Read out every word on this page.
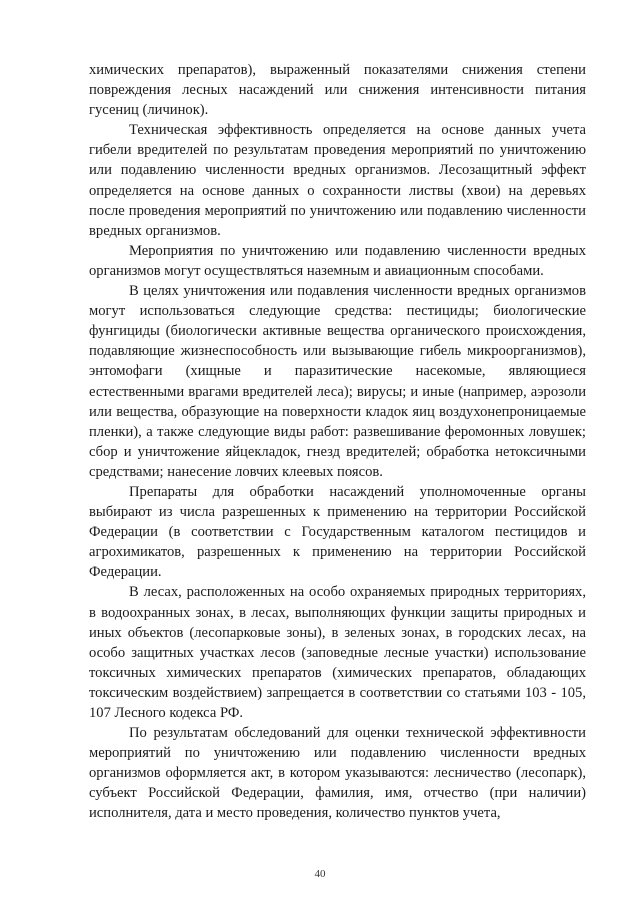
химических препаратов), выраженный показателями снижения степени повреждения лесных насаждений или снижения интенсивности питания гусениц (личинок).

Техническая эффективность определяется на основе данных учета гибели вредителей по результатам проведения мероприятий по уничтожению или подавлению численности вредных организмов. Лесозащитный эффект определяется на основе данных о сохранности листвы (хвои) на деревьях после проведения мероприятий по уничтожению или подавлению численности вредных организмов.

Мероприятия по уничтожению или подавлению численности вредных организмов могут осуществляться наземным и авиационным способами.

В целях уничтожения или подавления численности вредных организмов могут использоваться следующие средства: пестициды; биологические фунгициды (биологически активные вещества органического происхождения, подавляющие жизнеспособность или вызывающие гибель микроорганизмов), энтомофаги (хищные и паразитические насекомые, являющиеся естественными врагами вредителей леса); вирусы; и иные (например, аэрозоли или вещества, образующие на поверхности кладок яиц воздухонепроницаемые пленки), а также следующие виды работ: развешивание феромонных ловушек; сбор и уничтожение яйцекладок, гнезд вредителей; обработка нетоксичными средствами; нанесение ловчих клеевых поясов.

Препараты для обработки насаждений уполномоченные органы выбирают из числа разрешенных к применению на территории Российской Федерации (в соответствии с Государственным каталогом пестицидов и агрохимикатов, разрешенных к применению на территории Российской Федерации.

В лесах, расположенных на особо охраняемых природных территориях, в водоохранных зонах, в лесах, выполняющих функции защиты природных и иных объектов (лесопарковые зоны), в зеленых зонах, в городских лесах, на особо защитных участках лесов (заповедные лесные участки) использование токсичных химических препаратов (химических препаратов, обладающих токсическим воздействием) запрещается в соответствии со статьями 103 - 105, 107 Лесного кодекса РФ.

По результатам обследований для оценки технической эффективности мероприятий по уничтожению или подавлению численности вредных организмов оформляется акт, в котором указываются: лесничество (лесопарк), субъект Российской Федерации, фамилия, имя, отчество (при наличии) исполнителя, дата и место проведения, количество пунктов учета,

40
